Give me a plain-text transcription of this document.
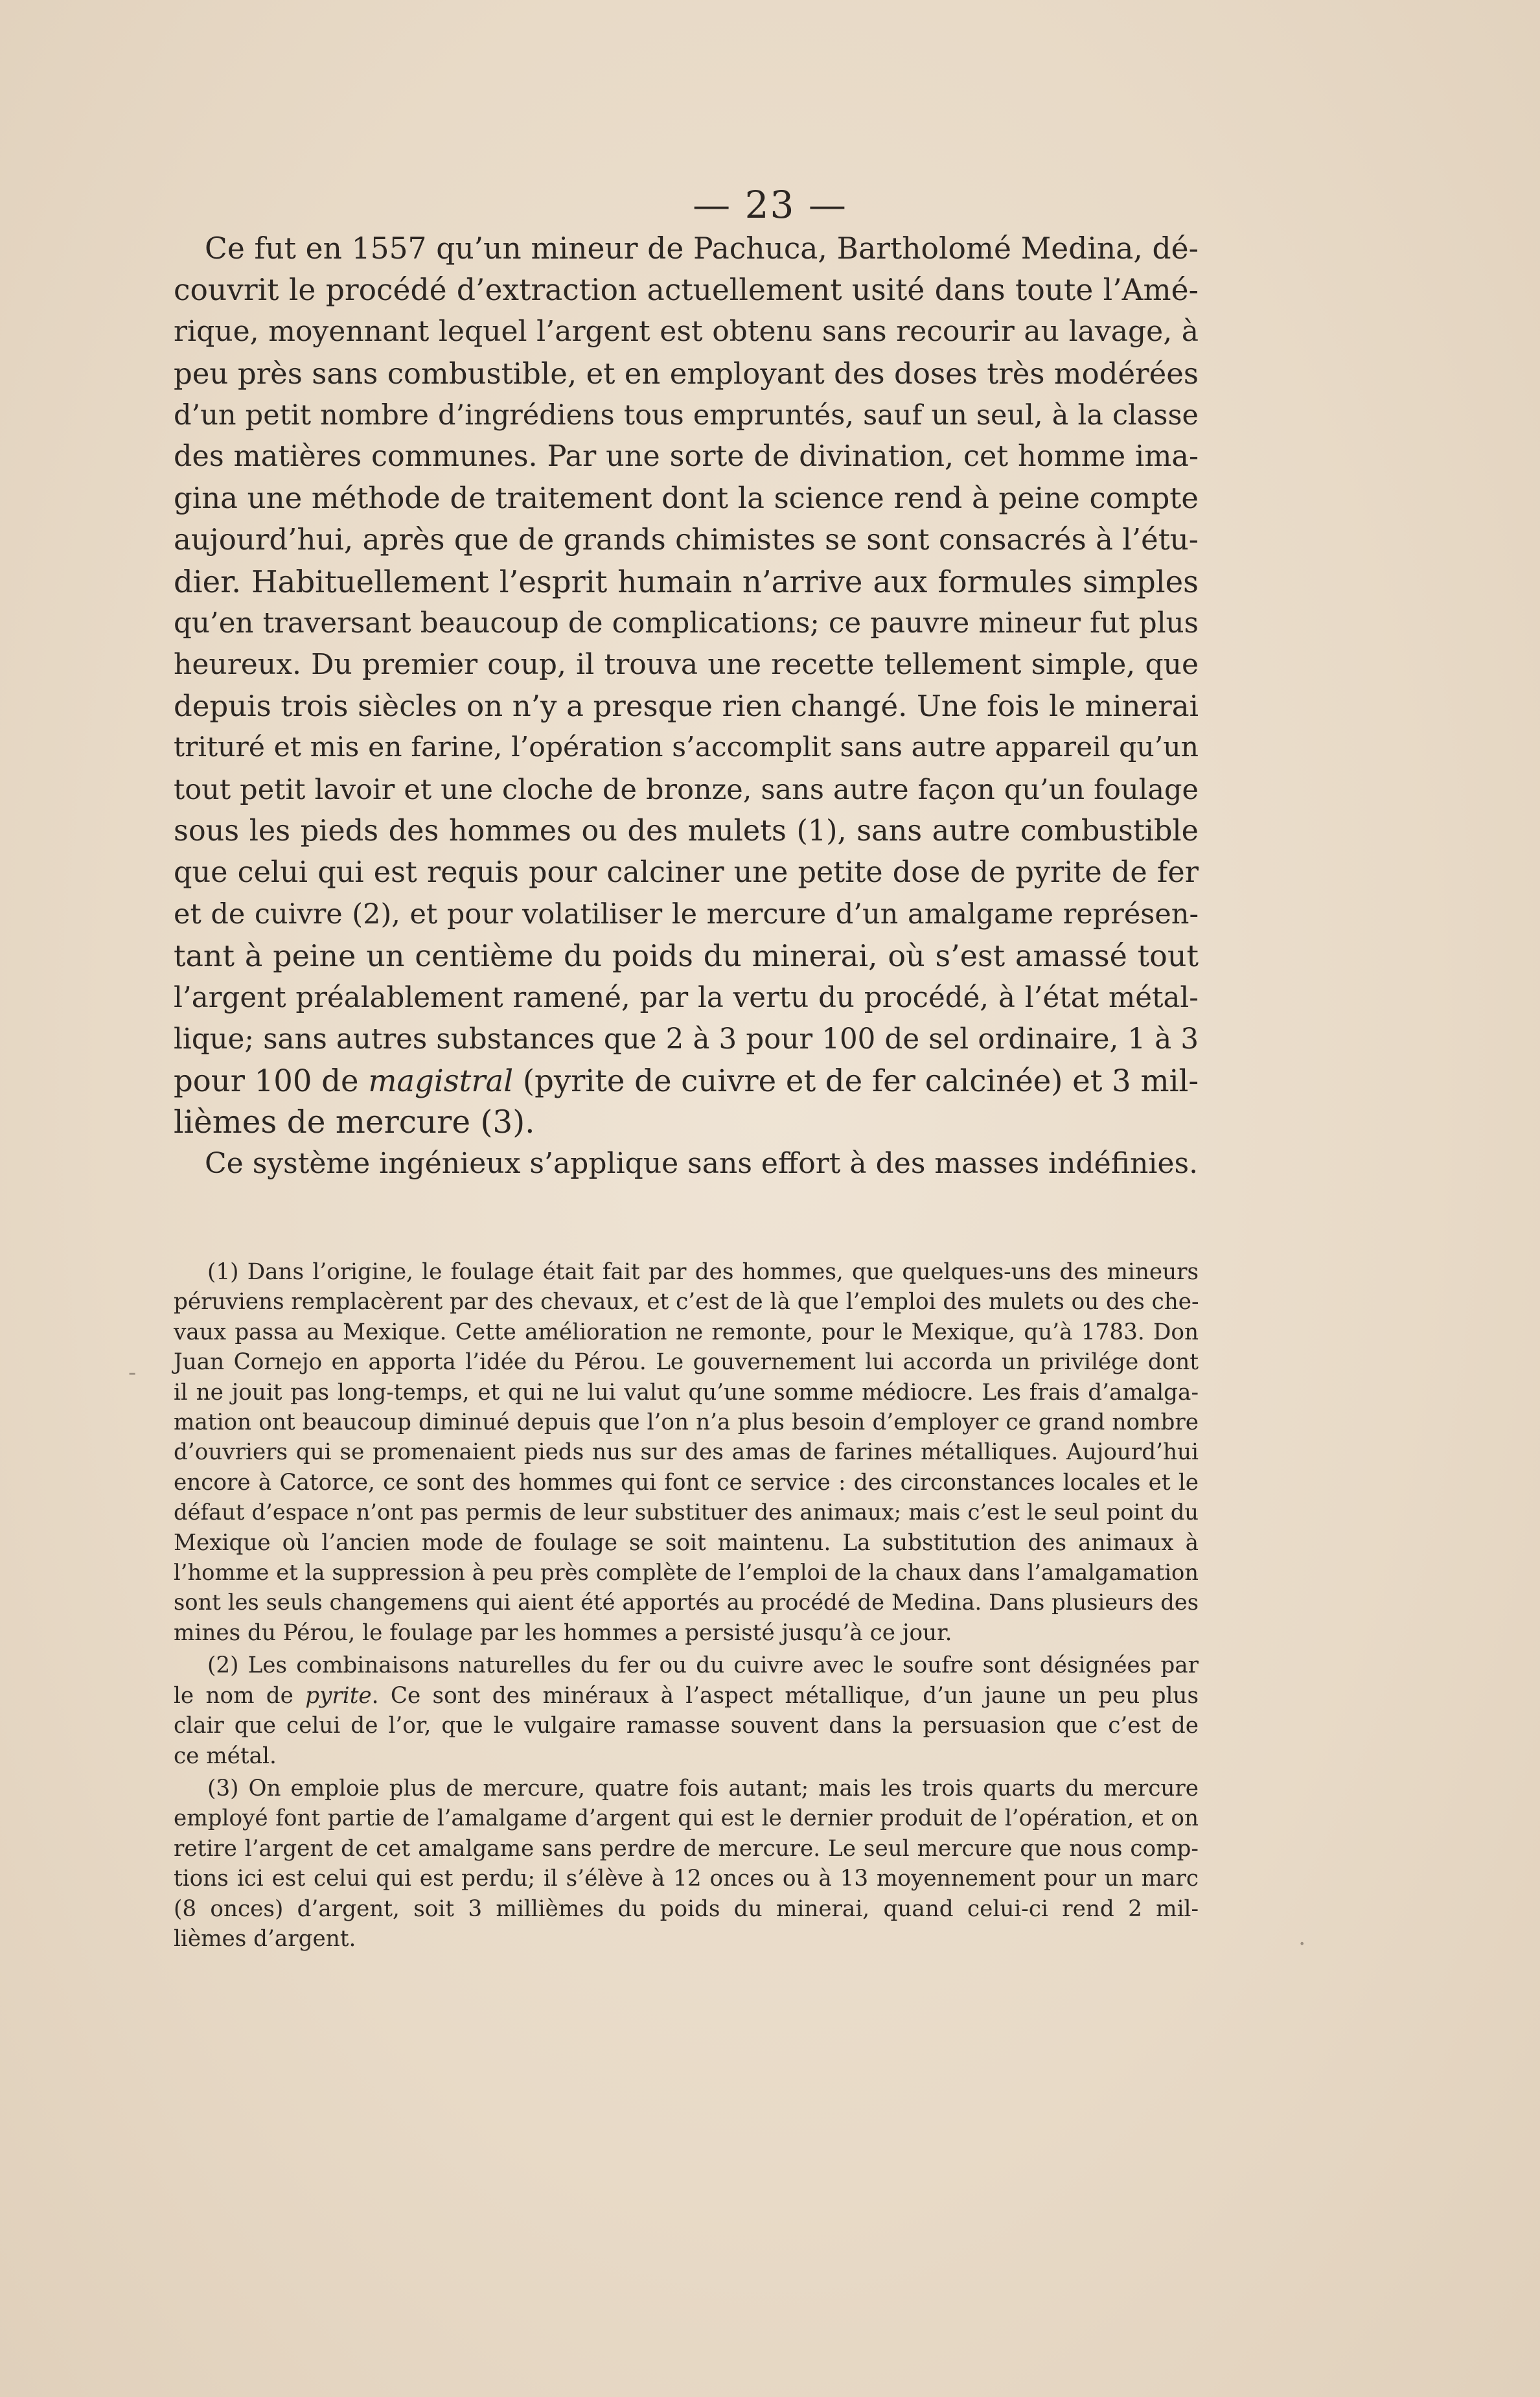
— 23 —
Ce fut en 1557 qu’un mineur de Pachuca, Bartholomé Medina, dé-
couvrit le procédé d’extraction actuellement usité dans toute l’Amé-
rique, moyennant lequel l’argent est obtenu sans recourir au lavage, à
peu près sans combustible, et en employant des doses très modérées
d’un petit nombre d’ingrédiens tous empruntés, sauf un seul, à la classe
des matières communes. Par une sorte de divination, cet homme ima-
gina une méthode de traitement dont la science rend à peine compte
aujourd’hui, après que de grands chimistes se sont consacrés à l’étu-
dier. Habituellement l’esprit humain n’arrive aux formules simples
qu’en traversant beaucoup de complications; ce pauvre mineur fut plus
heureux. Du premier coup, il trouva une recette tellement simple, que
depuis trois siècles on n’y a presque rien changé. Une fois le minerai
trituré et mis en farine, l’opération s’accomplit sans autre appareil qu’un
tout petit lavoir et une cloche de bronze, sans autre façon qu’un foulage
sous les pieds des hommes ou des mulets (1), sans autre combustible
que celui qui est requis pour calciner une petite dose de pyrite de fer
et de cuivre (2), et pour volatiliser le mercure d’un amalgame représen-
tant à peine un centième du poids du minerai, où s’est amassé tout
l’argent préalablement ramené, par la vertu du procédé, à l’état métal-
lique; sans autres substances que 2 à 3 pour 100 de sel ordinaire, 1 à 3
pour 100 de magistral (pyrite de cuivre et de fer calcinée) et 3 mil-
lièmes de mercure (3).
Ce système ingénieux s’applique sans effort à des masses indéfinies.
(1) Dans l’origine, le foulage était fait par des hommes, que quelques-uns des mineurs
péruviens remplacèrent par des chevaux, et c’est de là que l’emploi des mulets ou des che-
vaux passa au Mexique. Cette amélioration ne remonte, pour le Mexique, qu’à 1783. Don
Juan Cornejo en apporta l’idée du Pérou. Le gouvernement lui accorda un privilége dont
il ne jouit pas long-temps, et qui ne lui valut qu’une somme médiocre. Les frais d’amalga-
mation ont beaucoup diminué depuis que l’on n’a plus besoin d’employer ce grand nombre
d’ouvriers qui se promenaient pieds nus sur des amas de farines métalliques. Aujourd’hui
encore à Catorce, ce sont des hommes qui font ce service : des circonstances locales et le
défaut d’espace n’ont pas permis de leur substituer des animaux; mais c’est le seul point du
Mexique où l’ancien mode de foulage se soit maintenu. La substitution des animaux à
l’homme et la suppression à peu près complète de l’emploi de la chaux dans l’amalgamation
sont les seuls changemens qui aient été apportés au procédé de Medina. Dans plusieurs des
mines du Pérou, le foulage par les hommes a persisté jusqu’à ce jour.
(2) Les combinaisons naturelles du fer ou du cuivre avec le soufre sont désignées par
le nom de pyrite. Ce sont des minéraux à l’aspect métallique, d’un jaune un peu plus
clair que celui de l’or, que le vulgaire ramasse souvent dans la persuasion que c’est de
ce métal.
(3) On emploie plus de mercure, quatre fois autant; mais les trois quarts du mercure
employé font partie de l’amalgame d’argent qui est le dernier produit de l’opération, et on
retire l’argent de cet amalgame sans perdre de mercure. Le seul mercure que nous comp-
tions ici est celui qui est perdu; il s’élève à 12 onces ou à 13 moyennement pour un marc
(8 onces) d’argent, soit 3 millièmes du poids du minerai, quand celui-ci rend 2 mil-
lièmes d’argent.
-
·
